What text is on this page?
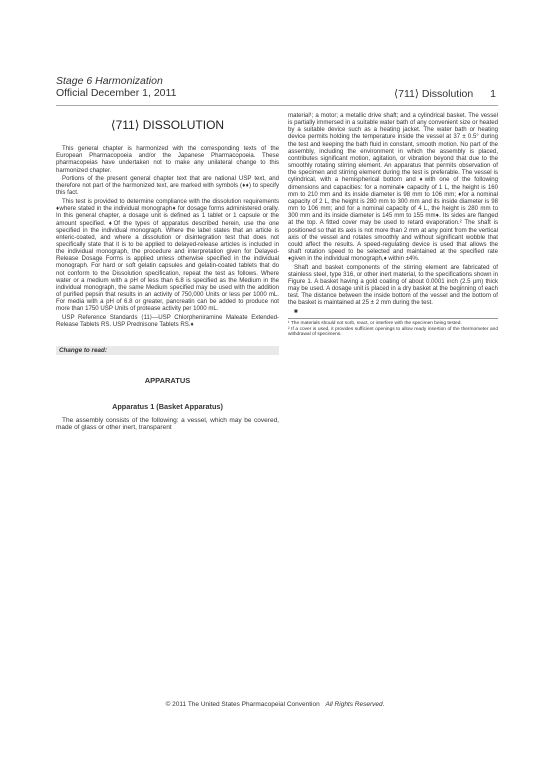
Stage 6 Harmonization
Official December 1, 2011	⟨711⟩ Dissolution 1
⟨711⟩ DISSOLUTION

This general chapter is harmonized with the corresponding texts of the European Pharmacopoeia and/or the Japanese Pharmacopoeia. These pharmacopeias have undertaken not to make any unilateral change to this harmonized chapter.

Portions of the present general chapter text that are national USP text, and therefore not part of the harmonized text, are marked with symbols (♦♦) to specify this fact.

This test is provided to determine compliance with the dissolution requirements ♦where stated in the individual monograph♦ for dosage forms administered orally. In this general chapter, a dosage unit is defined as 1 tablet or 1 capsule or the amount specified. ♦Of the types of apparatus described herein, use the one specified in the individual monograph. Where the label states that an article is enteric-coated, and where a dissolution or disintegration test that does not specifically state that it is to be applied to delayed-release articles is included in the individual monograph, the procedure and interpretation given for Delayed-Release Dosage Forms is applied unless otherwise specified in the individual monograph. For hard or soft gelatin capsules and gelatin-coated tablets that do not conform to the Dissolution specification, repeat the test as follows. Where water or a medium with a pH of less than 6.8 is specified as the Medium in the individual monograph, the same Medium specified may be used with the addition of purified pepsin that results in an activity of 750,000 Units or less per 1000 mL. For media with a pH of 6.8 or greater, pancreatin can be added to produce not more than 1750 USP Units of protease activity per 1000 mL.

USP Reference Standards ⟨11⟩—USP Chlorpheniramine Maleate Extended-Release Tablets RS. USP Prednisone Tablets RS.♦

Change to read:
APPARATUS
Apparatus 1 (Basket Apparatus)

The assembly consists of the following: a vessel, which may be covered, made of glass or other inert, transparent

material¹; a motor; a metallic drive shaft; and a cylindrical basket. The vessel is partially immersed in a suitable water bath of any convenient size or heated by a suitable device such as a heating jacket. The water bath or heating device permits holding the temperature inside the vessel at 37 ± 0.5° during the test and keeping the bath fluid in constant, smooth motion. No part of the assembly, including the environment in which the assembly is placed, contributes significant motion, agitation, or vibration beyond that due to the smoothly rotating stirring element. An apparatus that permits observation of the specimen and stirring element during the test is preferable. The vessel is cylindrical, with a hemispherical bottom and ♦with one of the following dimensions and capacities: for a nominal♦ capacity of 1 L, the height is 160 mm to 210 mm and its inside diameter is 98 mm to 106 mm; ♦for a nominal capacity of 2 L, the height is 280 mm to 300 mm and its inside diameter is 98 mm to 106 mm; and for a nominal capacity of 4 L, the height is 280 mm to 300 mm and its inside diameter is 145 mm to 155 mm♦. Its sides are flanged at the top. A fitted cover may be used to retard evaporation.² The shaft is positioned so that its axis is not more than 2 mm at any point from the vertical axis of the vessel and rotates smoothly and without significant wobble that could affect the results. A speed-regulating device is used that allows the shaft rotation speed to be selected and maintained at the specified rate ♦given in the individual monograph,♦ within ±4%.

Shaft and basket components of the stirring element are fabricated of stainless steel, type 316, or other inert material, to the specifications shown in Figure 1. A basket having a gold coating of about 0.0001 inch (2.5 µm) thick may be used. A dosage unit is placed in a dry basket at the beginning of each test. The distance between the inside bottom of the vessel and the bottom of the basket is maintained at 25 ± 2 mm during the test.

■
¹ The materials should not sorb, react, or interfere with the specimen being tested.
² If a cover is used, it provides sufficient openings to allow ready insertion of the thermometer and withdrawal of specimens.
© 2011 The United States Pharmacopeial Convention All Rights Reserved.
